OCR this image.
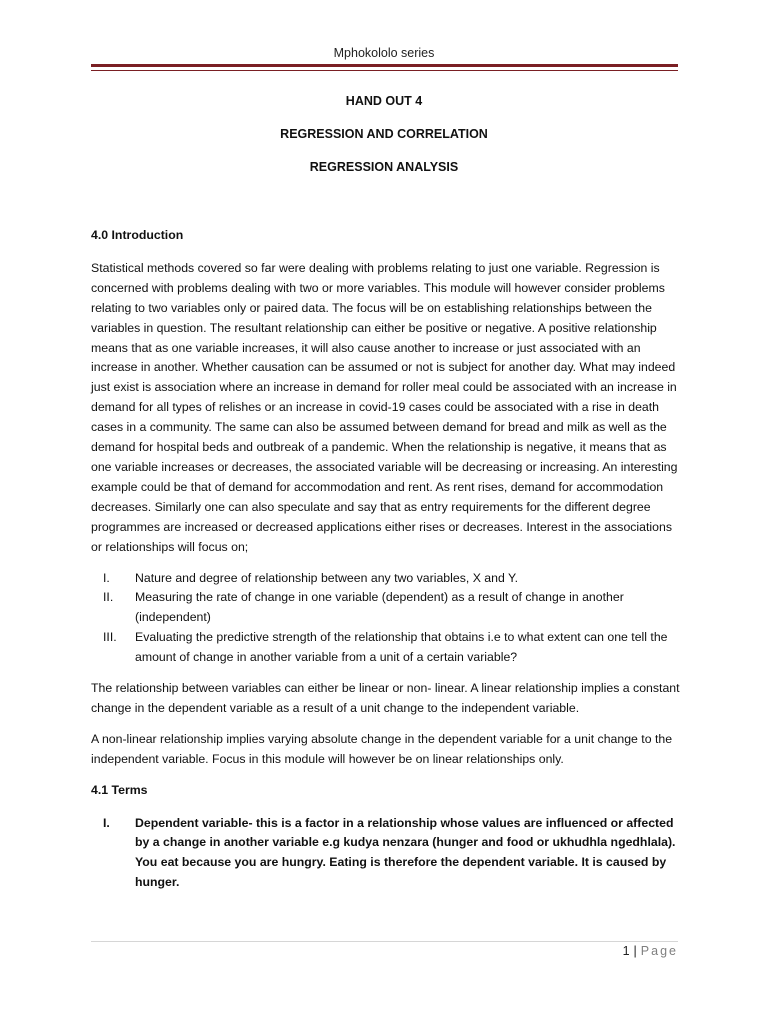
Mphokololo series
HAND OUT 4
REGRESSION AND CORRELATION
REGRESSION ANALYSIS
4.0 Introduction

Statistical methods covered so far were dealing with problems relating to just one variable. Regression is concerned with problems dealing with two or more variables. This module will however consider problems relating to two variables only or paired data. The focus will be on establishing relationships between the variables in question. The resultant relationship can either be positive or negative. A positive relationship means that as one variable increases, it will also cause another to increase or just associated with an increase in another. Whether causation can be assumed or not is subject for another day. What may indeed just exist is association where an increase in demand for roller meal could be associated with an increase in demand for all types of relishes or an increase in covid-19 cases could be associated with a rise in death cases in a community. The same can also be assumed between demand for bread and milk as well as the demand for hospital beds and outbreak of a pandemic. When the relationship is negative, it means that as one variable increases or decreases, the associated variable will be decreasing or increasing. An interesting example could be that of demand for accommodation and rent. As rent rises, demand for accommodation decreases. Similarly one can also speculate and say that as entry requirements for the different degree programmes are increased or decreased applications either rises or decreases. Interest in the associations or relationships will focus on;

I.	Nature and degree of relationship between any two variables, X and Y.
II.	Measuring the rate of change in one variable (dependent) as a result of change in another (independent)
III.	Evaluating the predictive strength of the relationship that obtains i.e to what extent can one tell the amount of change in another variable from a unit of a certain variable?

The relationship between variables can either be linear or non- linear. A linear relationship implies a constant change in the dependent variable as a result of a unit change to the independent variable.

A non-linear relationship implies varying absolute change in the dependent variable for a unit change to the independent variable. Focus in this module will however be on linear relationships only.

4.1 Terms
I.	Dependent variable- this is a factor in a relationship whose values are influenced or affected by a change in another variable e.g kudya nenzara (hunger and food or ukhudhla ngedhlala). You eat because you are hungry. Eating is therefore the dependent variable. It is caused by hunger.
1 | Page
